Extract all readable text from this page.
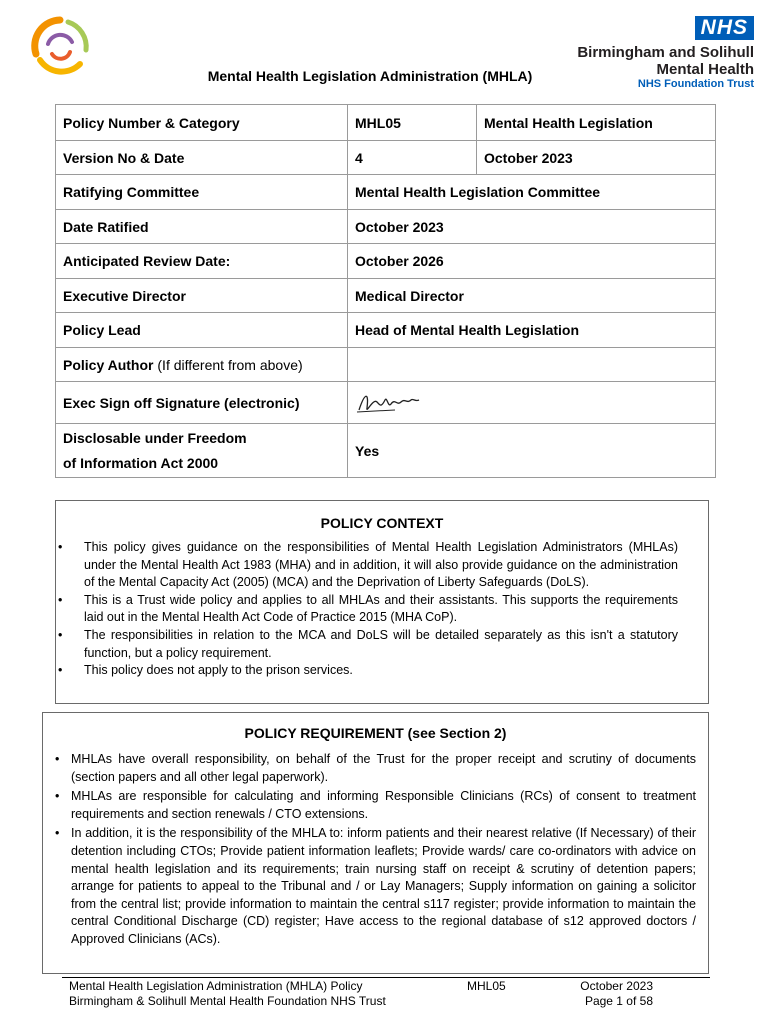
NHS
Birmingham and Solihull
Mental Health
NHS Foundation Trust
Mental Health Legislation Administration (MHLA)
Policy Number & Category	MHL05	Mental Health Legislation
Version No & Date	4	October 2023
Ratifying Committee	Mental Health Legislation Committee	
Date Ratified	October 2023	
Anticipated Review Date:	October 2026	
Executive Director	Medical Director	
Policy Lead	Head of Mental Health Legislation	
Policy Author (If different from above)		
Exec Sign off Signature (electronic)	

Disclosable under Freedom
of Information Act 2000	Yes	
POLICY CONTEXT
• This policy gives guidance on the responsibilities of Mental Health Legislation Administrators (MHLAs) under the Mental Health Act 1983 (MHA) and in addition, it will also provide guidance on the administration of the Mental Capacity Act (2005) (MCA) and the Deprivation of Liberty Safeguards (DoLS).
• This is a Trust wide policy and applies to all MHLAs and their assistants. This supports the requirements laid out in the Mental Health Act Code of Practice 2015 (MHA CoP).
• The responsibilities in relation to the MCA and DoLS will be detailed separately as this isn't a statutory function, but a policy requirement.
• This policy does not apply to the prison services.
POLICY REQUIREMENT (see Section 2)
• MHLAs have overall responsibility, on behalf of the Trust for the proper receipt and scrutiny of documents (section papers and all other legal paperwork).
• MHLAs are responsible for calculating and informing Responsible Clinicians (RCs) of consent to treatment requirements and section renewals / CTO extensions.
• In addition, it is the responsibility of the MHLA to: inform patients and their nearest relative (If Necessary) of their detention including CTOs; Provide patient information leaflets; Provide wards/ care co-ordinators with advice on mental health legislation and its requirements; train nursing staff on receipt & scrutiny of detention papers; arrange for patients to appeal to the Tribunal and / or Lay Managers; Supply information on gaining a solicitor from the central list; provide information to maintain the central s117 register; provide information to maintain the central Conditional Discharge (CD) register; Have access to the regional database of s12 approved doctors / Approved Clinicians (ACs).
Mental Health Legislation Administration (MHLA) Policy
Birmingham & Solihull Mental Health Foundation NHS Trust
MHL05	October 2023
Page 1 of 58
